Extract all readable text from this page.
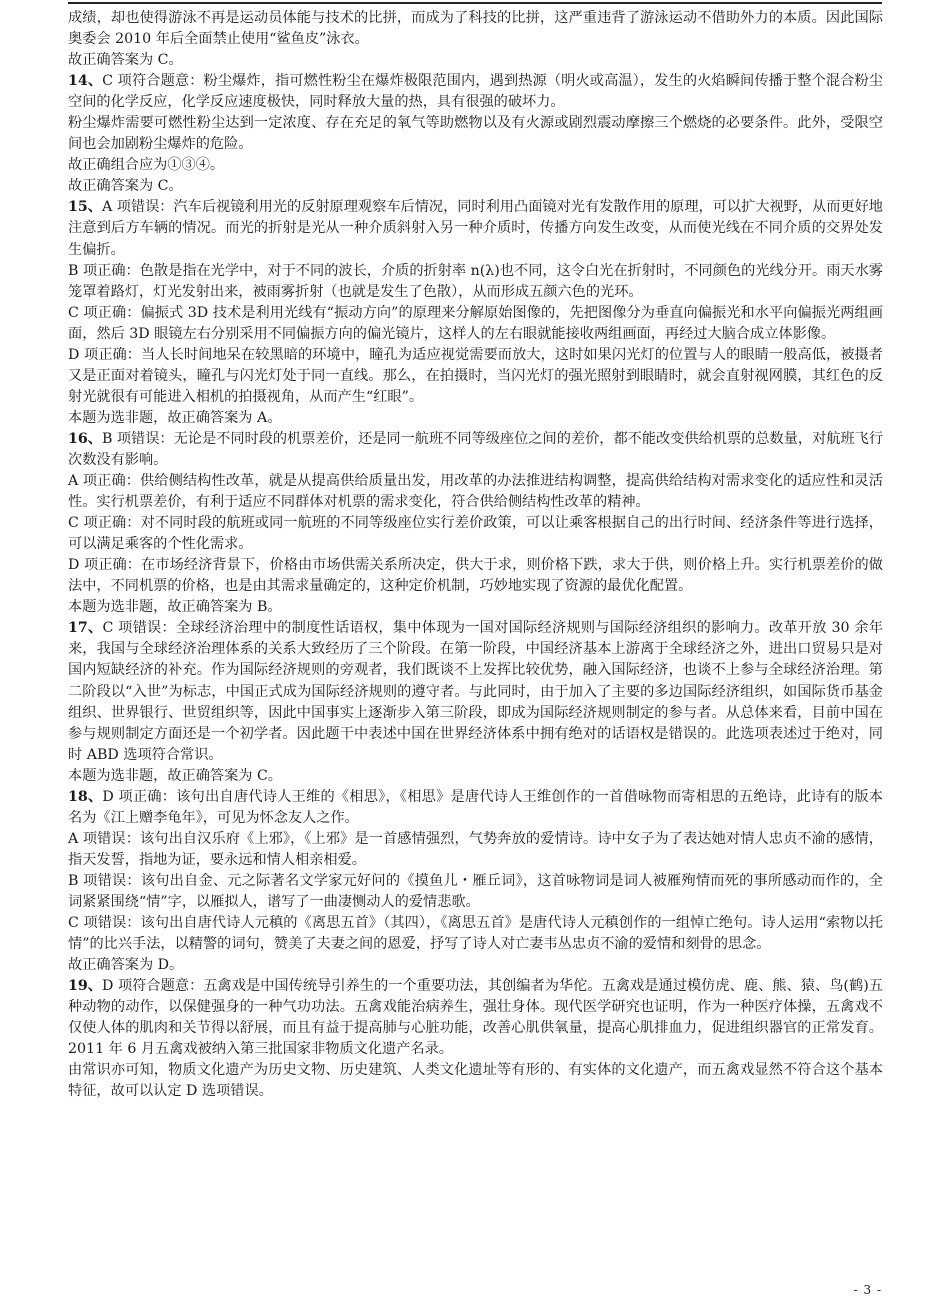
成绩，却也使得游泳不再是运动员体能与技术的比拼，而成为了科技的比拼，这严重违背了游泳运动不借助外力的本质。因此国际奥委会 2010 年后全面禁止使用“鲨鱼皮”泳衣。

故正确答案为 C。

14、C 项符合题意：粉尘爆炸，指可燃性粉尘在爆炸极限范围内，遇到热源（明火或高温），发生的火焰瞬间传播于整个混合粉尘空间的化学反应，化学反应速度极快，同时释放大量的热，具有很强的破坏力。

粉尘爆炸需要可燃性粉尘达到一定浓度、存在充足的氧气等助燃物以及有火源或剧烈震动摩擦三个燃烧的必要条件。此外，受限空间也会加剧粉尘爆炸的危险。

故正确组合应为①③④。

故正确答案为 C。

15、A 项错误：汽车后视镜利用光的反射原理观察车后情况，同时利用凸面镜对光有发散作用的原理，可以扩大视野，从而更好地注意到后方车辆的情况。而光的折射是光从一种介质斜射入另一种介质时，传播方向发生改变，从而使光线在不同介质的交界处发生偏折。

B 项正确：色散是指在光学中，对于不同的波长，介质的折射率 n(λ)也不同，这令白光在折射时，不同颜色的光线分开。雨天水雾笼罩着路灯，灯光发射出来，被雨雾折射（也就是发生了色散），从而形成五颜六色的光环。

C 项正确：偏振式 3D 技术是利用光线有“振动方向”的原理来分解原始图像的，先把图像分为垂直向偏振光和水平向偏振光两组画面，然后 3D 眼镜左右分别采用不同偏振方向的偏光镜片，这样人的左右眼就能接收两组画面，再经过大脑合成立体影像。

D 项正确：当人长时间地呆在较黑暗的环境中，瞳孔为适应视觉需要而放大，这时如果闪光灯的位置与人的眼睛一般高低，被摄者又是正面对着镜头，瞳孔与闪光灯处于同一直线。那么，在拍摄时，当闪光灯的强光照射到眼睛时，就会直射视网膜，其红色的反射光就很有可能进入相机的拍摄视角，从而产生“红眼”。

本题为选非题，故正确答案为 A。

16、B 项错误：无论是不同时段的机票差价，还是同一航班不同等级座位之间的差价，都不能改变供给机票的总数量，对航班飞行次数没有影响。

A 项正确：供给侧结构性改革，就是从提高供给质量出发，用改革的办法推进结构调整，提高供给结构对需求变化的适应性和灵活性。实行机票差价，有利于适应不同群体对机票的需求变化，符合供给侧结构性改革的精神。

C 项正确：对不同时段的航班或同一航班的不同等级座位实行差价政策，可以让乘客根据自己的出行时间、经济条件等进行选择，可以满足乘客的个性化需求。

D 项正确：在市场经济背景下，价格由市场供需关系所决定，供大于求，则价格下跌，求大于供，则价格上升。实行机票差价的做法中，不同机票的价格，也是由其需求量确定的，这种定价机制，巧妙地实现了资源的最优化配置。

本题为选非题，故正确答案为 B。

17、C 项错误：全球经济治理中的制度性话语权，集中体现为一国对国际经济规则与国际经济组织的影响力。改革开放 30 余年来，我国与全球经济治理体系的关系大致经历了三个阶段。在第一阶段，中国经济基本上游离于全球经济之外，进出口贸易只是对国内短缺经济的补充。作为国际经济规则的旁观者，我们既谈不上发挥比较优势，融入国际经济，也谈不上参与全球经济治理。第二阶段以“入世”为标志，中国正式成为国际经济规则的遵守者。与此同时，由于加入了主要的多边国际经济组织，如国际货币基金组织、世界银行、世贸组织等，因此中国事实上逐渐步入第三阶段，即成为国际经济规则制定的参与者。从总体来看，目前中国在参与规则制定方面还是一个初学者。因此题干中表述中国在世界经济体系中拥有绝对的话语权是错误的。此选项表述过于绝对，同时 ABD 选项符合常识。

本题为选非题，故正确答案为 C。

18、D 项正确：该句出自唐代诗人王维的《相思》，《相思》是唐代诗人王维创作的一首借咏物而寄相思的五绝诗，此诗有的版本名为《江上赠李龟年》，可见为怀念友人之作。

A 项错误：该句出自汉乐府《上邪》，《上邪》是一首感情强烈，气势奔放的爱情诗。诗中女子为了表达她对情人忠贞不渝的感情，指天发誓，指地为证，要永远和情人相亲相爱。

B 项错误：该句出自金、元之际著名文学家元好问的《摸鱼儿・雁丘词》，这首咏物词是词人被雁殉情而死的事所感动而作的，全词紧紧围绕“情”字，以雁拟人，谱写了一曲凄恻动人的爱情悲歌。

C 项错误：该句出自唐代诗人元稹的《离思五首》（其四），《离思五首》是唐代诗人元稹创作的一组悼亡绝句。诗人运用“索物以托情”的比兴手法，以精警的词句，赞美了夫妻之间的恩爱，抒写了诗人对亡妻韦丛忠贞不渝的爱情和刻骨的思念。

故正确答案为 D。

19、D 项符合题意：五禽戏是中国传统导引养生的一个重要功法，其创编者为华佗。五禽戏是通过模仿虎、鹿、熊、猿、鸟(鹤)五种动物的动作，以保健强身的一种气功功法。五禽戏能治病养生，强壮身体。现代医学研究也证明，作为一种医疗体操，五禽戏不仅使人体的肌肉和关节得以舒展，而且有益于提高肺与心脏功能，改善心肌供氧量，提高心肌排血力，促进组织器官的正常发育。2011 年 6 月五禽戏被纳入第三批国家非物质文化遗产名录。

由常识亦可知，物质文化遗产为历史文物、历史建筑、人类文化遗址等有形的、有实体的文化遗产，而五禽戏显然不符合这个基本特征，故可以认定 D 选项错误。

- 3 -
